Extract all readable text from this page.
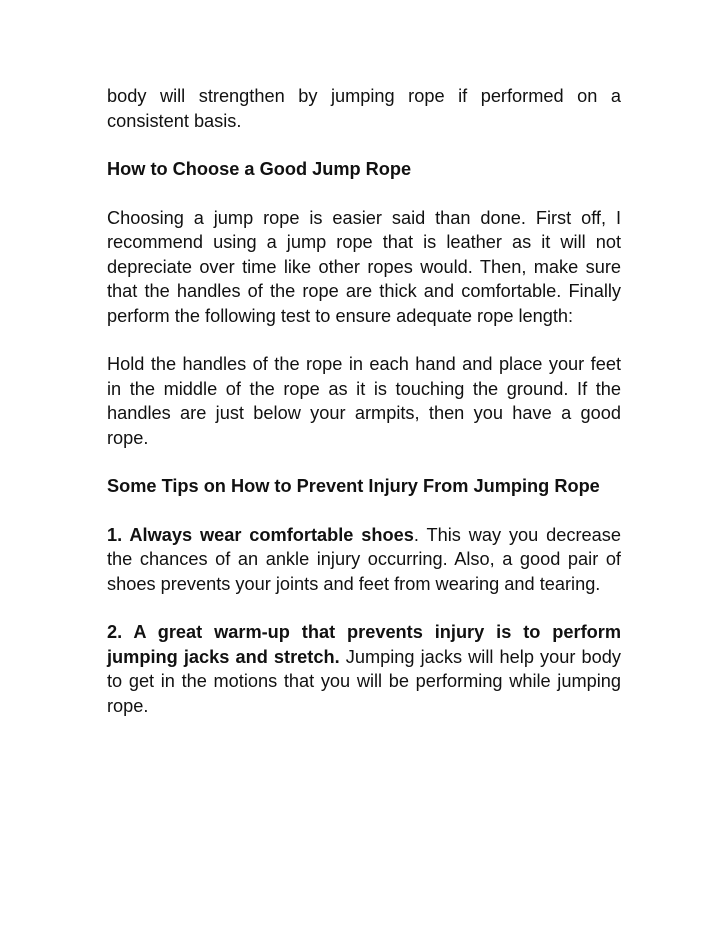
body will strengthen by jumping rope if performed on a consistent basis.

How to Choose a Good Jump Rope

Choosing a jump rope is easier said than done. First off, I recommend using a jump rope that is leather as it will not depreciate over time like other ropes would. Then, make sure that the handles of the rope are thick and comfortable. Finally perform the following test to ensure adequate rope length:

Hold the handles of the rope in each hand and place your feet in the middle of the rope as it is touching the ground. If the handles are just below your armpits, then you have a good rope.

Some Tips on How to Prevent Injury From Jumping Rope

1. Always wear comfortable shoes. This way you decrease the chances of an ankle injury occurring. Also, a good pair of shoes prevents your joints and feet from wearing and tearing.

2. A great warm-up that prevents injury is to perform jumping jacks and stretch. Jumping jacks will help your body to get in the motions that you will be performing while jumping rope.
